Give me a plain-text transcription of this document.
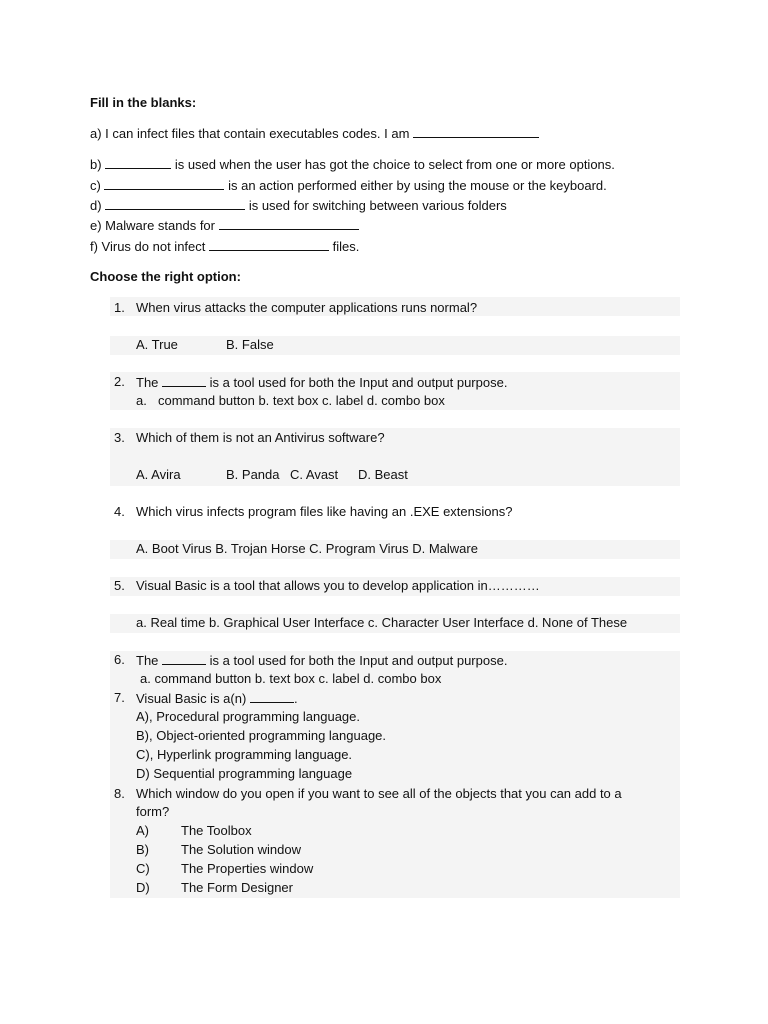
Fill in the blanks:
a) I can infect files that contain executables codes. I am
b)	is used when the user has got the choice to select from one or more options.
c)	is an action performed either by using the mouse or the keyboard.
d)	is used for switching between various folders
e) Malware stands for
f) Virus do not infect	files.
Choose the right option:
1. When virus attacks the computer applications runs normal?
A. True	B. False
2. The	is a tool used for both the Input and output purpose.
a. command button b. text box c. label d. combo box
3. Which of them is not an Antivirus software?
A. Avira	B. Panda C. Avast D. Beast
4. Which virus infects program files like having an .EXE extensions?
A. Boot Virus B. Trojan Horse C. Program Virus D. Malware
5. Visual Basic is a tool that allows you to develop application in…………
a. Real time b. Graphical User Interface c. Character User Interface d. None of These
6. The	is a tool used for both the Input and output purpose.
a. command button b. text box c. label d. combo box
7. Visual Basic is a(n)	.
A), Procedural programming language.
B), Object-oriented programming language.
C), Hyperlink programming language.
D) Sequential programming language
8. Which window do you open if you want to see all of the objects that you can add to a
form?
A) The Toolbox
B) The Solution window
C) The Properties window
D) The Form Designer
